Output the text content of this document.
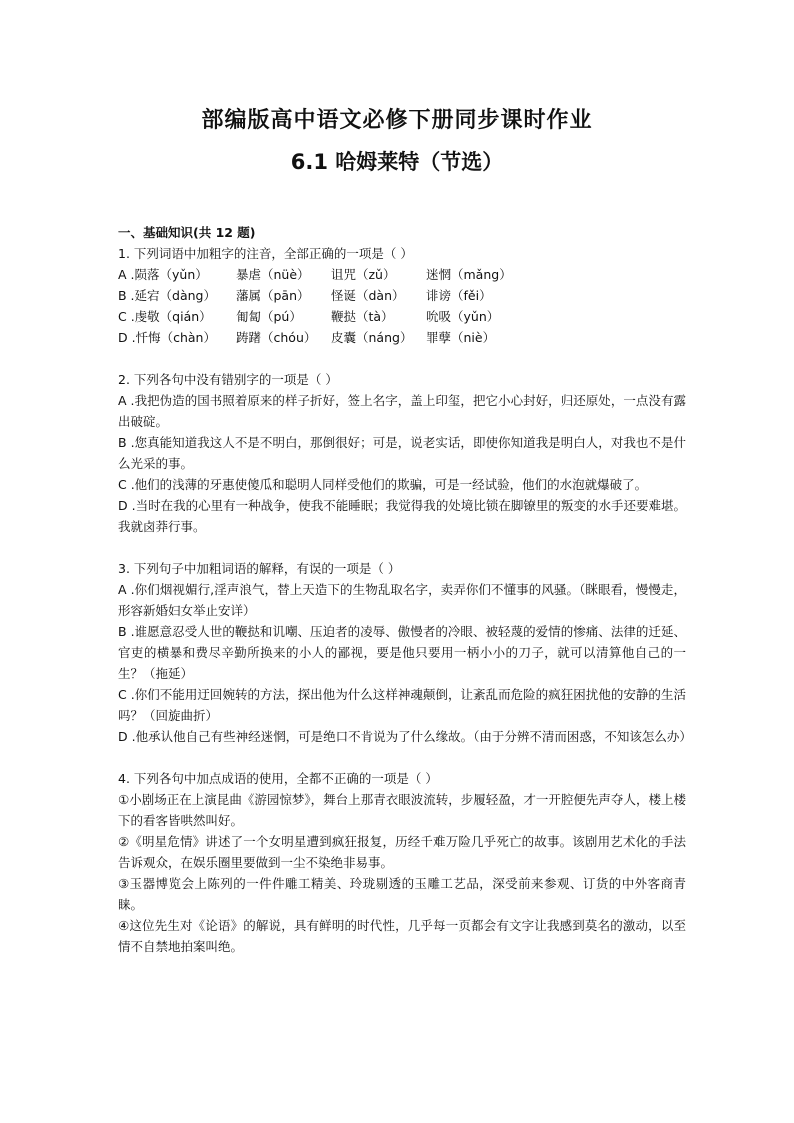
部编版高中语文必修下册同步课时作业
6.1 哈姆莱特（节选）
一、基础知识(共 12 题)
1. 下列词语中加粗字的注音，全部正确的一项是（ ）
A .陨落（yǔn）	暴虐（nüè）	诅咒（zǔ）	迷惘（mǎng）
B .延宕（dàng）	藩属（pān）	怪诞（dàn）	诽谤（fěi）
C .虔敬（qián）	匍匐（pú）	鞭挞（tà）	吮吸（yǔn）
D .忏悔（chàn）	踌躇（chóu）	皮囊（náng）	罪孽（niè）
2. 下列各句中没有错别字的一项是（ ）
A .我把伪造的国书照着原来的样子折好，签上名字，盖上印玺，把它小心封好，归还原处，一点没有露出破碇。
B .您真能知道我这人不是不明白，那倒很好；可是，说老实话，即使你知道我是明白人，对我也不是什么光采的事。
C .他们的浅薄的牙惠使傻瓜和聪明人同样受他们的欺骗，可是一经试验，他们的水泡就爆破了。
D .当时在我的心里有一种战争，使我不能睡眠；我觉得我的处境比锁在脚镣里的叛变的水手还要难堪。我就卤莽行事。
3. 下列句子中加粗词语的解释，有误的一项是（ ）
A .你们烟视媚行,淫声浪气，替上天造下的生物乱取名字，卖弄你们不懂事的风骚。（眯眼看，慢慢走，形容新婚妇女举止安详）
B .谁愿意忍受人世的鞭挞和讥嘲、压迫者的凌辱、傲慢者的冷眼、被轻蔑的爱情的惨痛、法律的迁延、官吏的横暴和费尽辛勤所换来的小人的鄙视，要是他只要用一柄小小的刀子，就可以清算他自己的一生？（拖延）
C .你们不能用迂回婉转的方法，探出他为什么这样神魂颠倒，让紊乱而危险的疯狂困扰他的安静的生活吗？（回旋曲折）
D .他承认他自己有些神经迷惘，可是绝口不肯说为了什么缘故。（由于分辨不清而困惑，不知该怎么办）
4. 下列各句中加点成语的使用，全都不正确的一项是（ ）
①小剧场正在上演昆曲《游园惊梦》，舞台上那青衣眼波流转，步履轻盈，才一开腔便先声夺人，楼上楼下的看客皆哄然叫好。
②《明星危情》讲述了一个女明星遭到疯狂报复，历经千难万险几乎死亡的故事。该剧用艺术化的手法告诉观众，在娱乐圈里要做到一尘不染绝非易事。
③玉器博览会上陈列的一件件雕工精美、玲珑剔透的玉雕工艺品，深受前来参观、订货的中外客商青睐。
④这位先生对《论语》的解说，具有鲜明的时代性，几乎每一页都会有文字让我感到莫名的激动，以至情不自禁地拍案叫绝。
